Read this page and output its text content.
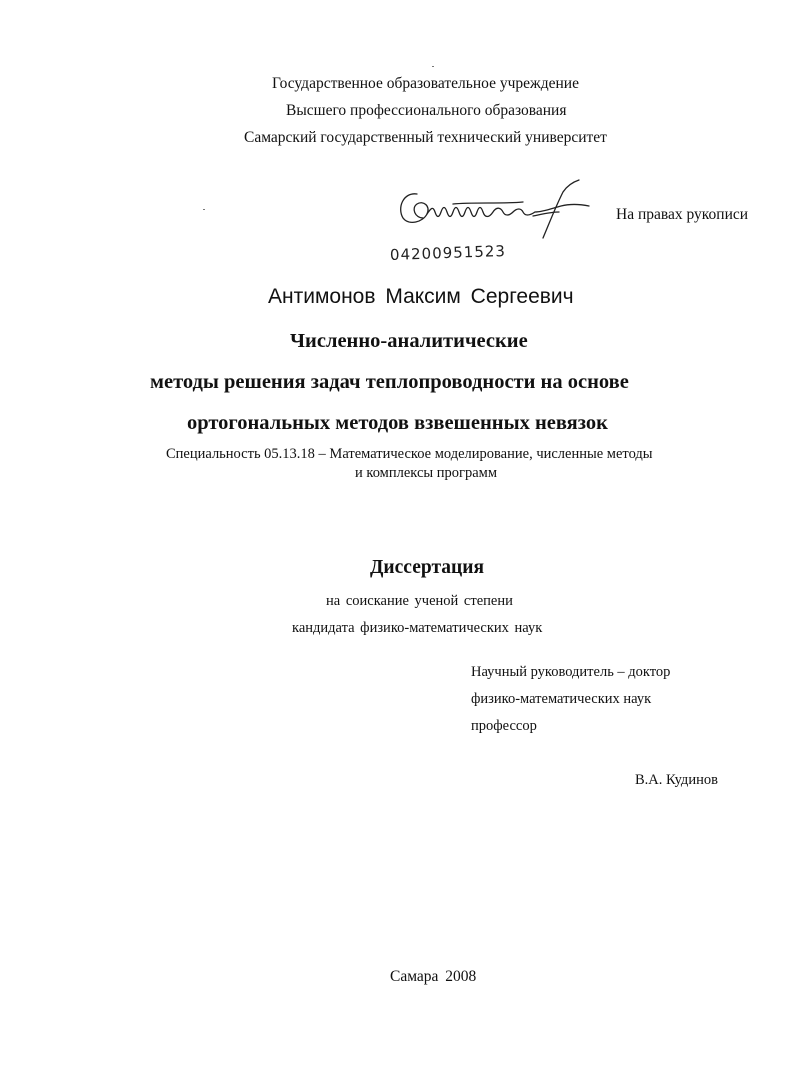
Государственное образовательное учреждение
Высшего профессионального образования
Самарский государственный технический университет
На правах рукописи
04200951523
Антимонов Максим Сергеевич
Численно-аналитические
методы решения задач теплопроводности на основе
ортогональных методов взвешенных невязок
Специальность 05.13.18 – Математическое моделирование, численные методы
и комплексы программ
Диссертация
на соискание ученой степени
кандидата физико-математических наук
Научный руководитель – доктор
физико-математических наук
профессор
В.А. Кудинов
Самара 2008
